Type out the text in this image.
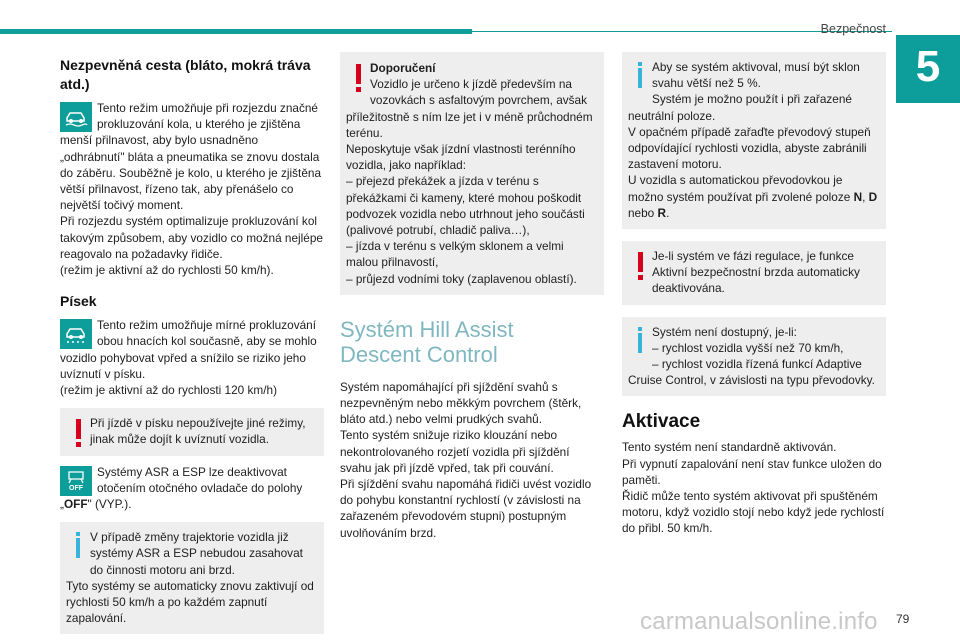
Bezpečnost
5
Nezpevněná cesta (bláto, mokrá tráva atd.)
Tento režim umožňuje při rozjezdu značné prokluzování kola, u kterého je zjištěna menší přilnavost, aby bylo usnadněno „odhrábnutí" bláta a pneumatika se znovu dostala do záběru. Souběžně je kolo, u kterého je zjištěna větší přilnavost, řízeno tak, aby přenášelo co největší točivý moment.
Při rozjezdu systém optimalizuje prokluzování kol takovým způsobem, aby vozidlo co možná nejlépe reagovalo na požadavky řidiče.
(režim je aktivní až do rychlosti 50 km/h).
Písek
Tento režim umožňuje mírné prokluzování obou hnacích kol současně, aby se mohlo vozidlo pohybovat vpřed a snížilo se riziko jeho uvíznutí v písku.
(režim je aktivní až do rychlosti 120 km/h)
Při jízdě v písku nepoužívejte jiné režimy, jinak může dojít k uvíznutí vozidla.
OFF
Systémy ASR a ESP lze deaktivovat otočením otočného ovladače do polohy „OFF" (VYP.).
V případě změny trajektorie vozidla již systémy ASR a ESP nebudou zasahovat do činnosti motoru ani brzd.
Tyto systémy se automaticky znovu zaktivují od rychlosti 50 km/h a po každém zapnutí zapalování.
Doporučení
Vozidlo je určeno k jízdě především na vozovkách s asfaltovým povrchem, avšak příležitostně s ním lze jet i v méně průchodném terénu.
Neposkytuje však jízdní vlastnosti terénního vozidla, jako například:
– přejezd překážek a jízda v terénu s překážkami či kameny, které mohou poškodit podvozek vozidla nebo utrhnout jeho součásti (palivové potrubí, chladič paliva…),
– jízda v terénu s velkým sklonem a velmi malou přilnavostí,
– průjezd vodními toky (zaplavenou oblastí).
Systém Hill Assist Descent Control
Systém napomáhající při sjíždění svahů s nezpevněným nebo měkkým povrchem (štěrk, bláto atd.) nebo velmi prudkých svahů.
Tento systém snižuje riziko klouzání nebo nekontrolovaného rozjetí vozidla při sjíždění svahu jak při jízdě vpřed, tak při couvání.
Při sjíždění svahu napomáhá řidiči uvést vozidlo do pohybu konstantní rychlostí (v závislosti na zařazeném převodovém stupni) postupným uvolňováním brzd.
Aby se systém aktivoval, musí být sklon svahu větší než 5 %.
Systém je možno použít i při zařazené neutrální poloze.
V opačném případě zařaďte převodový stupeň odpovídající rychlosti vozidla, abyste zabránili zastavení motoru.
U vozidla s automatickou převodovkou je možno systém používat při zvolené poloze N, D nebo R.
Je-li systém ve fázi regulace, je funkce Aktivní bezpečnostní brzda automaticky deaktivována.
Systém není dostupný, je-li:
– rychlost vozidla vyšší než 70 km/h,
– rychlost vozidla řízená funkcí Adaptive Cruise Control, v závislosti na typu převodovky.
Aktivace
Tento systém není standardně aktivován.
Při vypnutí zapalování není stav funkce uložen do paměti.
Řidič může tento systém aktivovat při spuštěném motoru, když vozidlo stojí nebo když jede rychlostí do přibl. 50 km/h.
carmanualsonline.info	79
